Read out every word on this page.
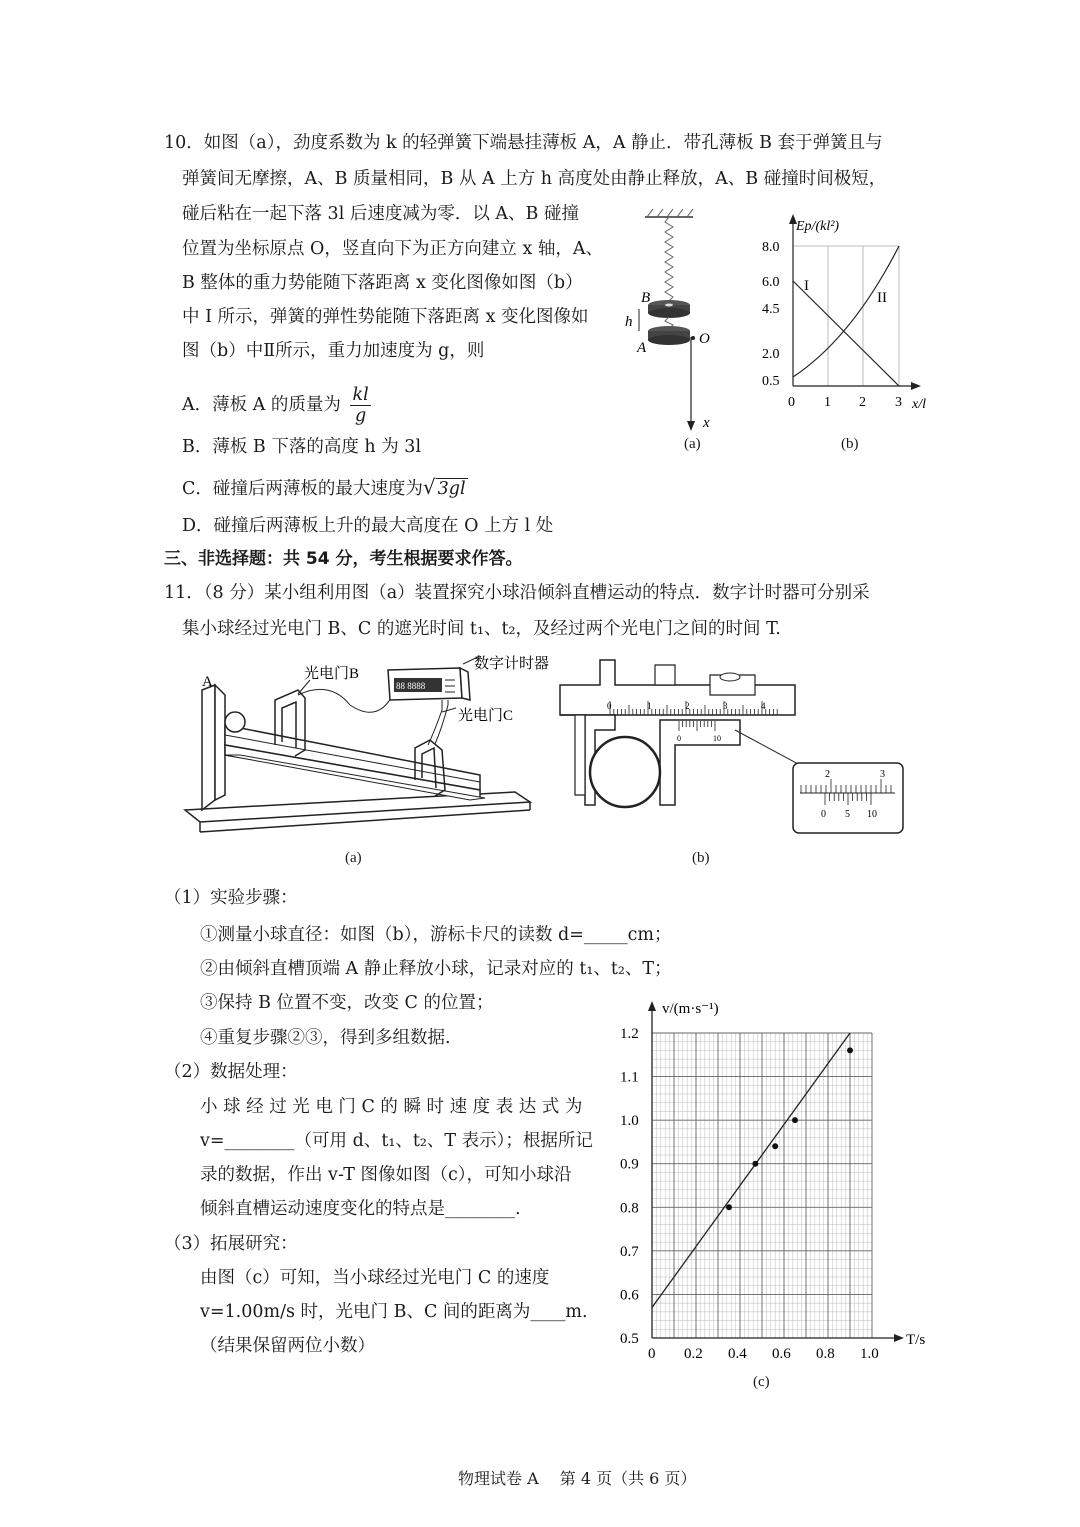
10．如图（a），劲度系数为 k 的轻弹簧下端悬挂薄板 A，A 静止．带孔薄板 B 套于弹簧且与
弹簧间无摩擦，A、B 质量相同，B 从 A 上方 h 高度处由静止释放，A、B 碰撞时间极短，
碰后粘在一起下落 3l 后速度减为零．以 A、B 碰撞
位置为坐标原点 O，竖直向下为正方向建立 x 轴，A、
B 整体的重力势能随下落距离 x 变化图像如图（b）
中 I 所示，弹簧的弹性势能随下落距离 x 变化图像如
图（b）中Ⅱ所示，重力加速度为 g，则
A．薄板 A 的质量为 $\frac{kl}{g}$
B．薄板 B 下落的高度 h 为 3l
C．碰撞后两薄板的最大速度为√ 3gl
D．碰撞后两薄板上升的最大高度在 O 上方 l 处
B
h
A
O
x
(a)
Ep/(kl²)
8.0
6.0
4.5
2.0
0.5
0 1 2 3 x/l
I
II
(b)
三、非选择题：共 54 分，考生根据要求作答。
11．（8 分）某小组利用图（a）装置探究小球沿倾斜直槽运动的特点．数字计时器可分别采
集小球经过光电门 B、C 的遮光时间 t₁、t₂，及经过两个光电门之间的时间 T.
88 8888
A	光电门B
数字计时器
光电门C
(a)
0	1	2	3	4
0	10
2	3
0 5 10
(b)
（1）实验步骤：
①测量小球直径：如图（b），游标卡尺的读数 d=_____cm；
②由倾斜直槽顶端 A 静止释放小球，记录对应的 t₁、t₂、T；
③保持 B 位置不变，改变 C 的位置；
④重复步骤②③，得到多组数据.
（2）数据处理：
小 球 经 过 光 电 门 C 的 瞬 时 速 度 表 达 式 为
v=________（可用 d、t₁、t₂、T 表示）；根据所记
录的数据，作出 v-T 图像如图（c），可知小球沿
倾斜直槽运动速度变化的特点是________.
（3）拓展研究：
由图（c）可知，当小球经过光电门 C 的速度
v=1.00m/s 时，光电门 B、C 间的距离为____m.
（结果保留两位小数）	0.5
0.6
0.7
0.8
0.9
1.0
1.1
1.2
0 0.2 0.4 0.6 0.8 1.0
v/(m·s⁻¹)
T/s
(c)
物理试卷 A　 第 4 页（共 6 页）
